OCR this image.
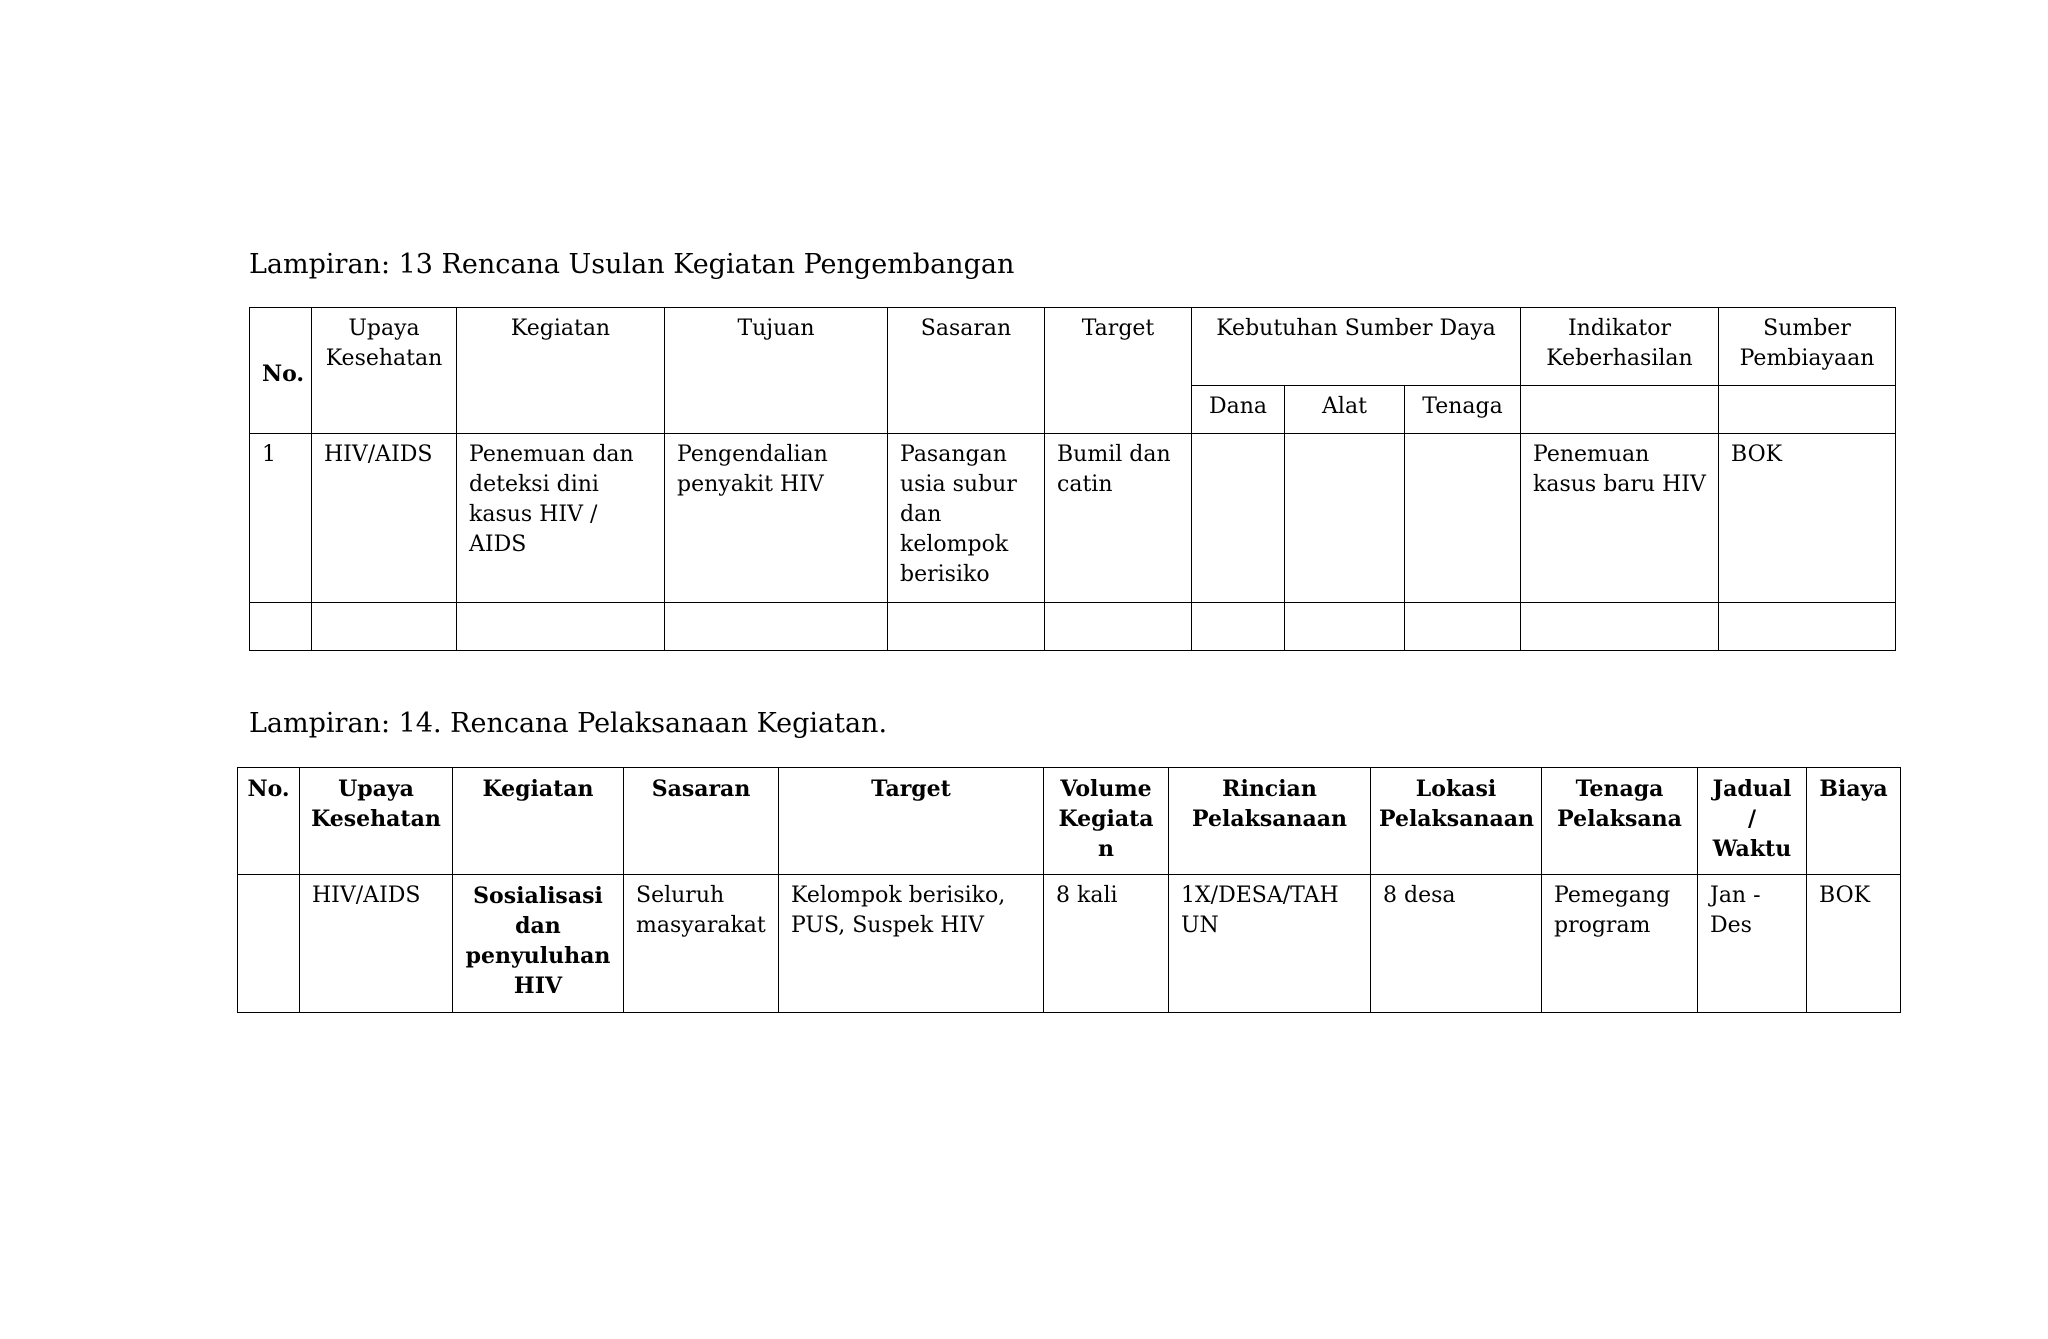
Lampiran: 13 Rencana Usulan Kegiatan Pengembangan
No.	Upaya Kesehatan	Kegiatan	Tujuan	Sasaran	Target	Kebutuhan Sumber Daya			Indikator Keberhasilan	Sumber Pembiayaan
						Dana	Alat	Tenaga		
1	HIV/AIDS	Penemuan dan deteksi dini kasus HIV / AIDS	Pengendalian penyakit HIV	Pasangan usia subur dan kelompok berisiko	Bumil dan catin				Penemuan kasus baru HIV	BOK

Lampiran: 14. Rencana Pelaksanaan Kegiatan.
No.	Upaya Kesehatan	Kegiatan	Sasaran	Target	Volume Kegiata n	Rincian Pelaksanaan	Lokasi Pelaksanaan	Tenaga Pelaksana	Jadual / Waktu	Biaya
	HIV/AIDS	Sosialisasi dan penyuluhan HIV	Seluruh masyarakat	Kelompok berisiko, PUS, Suspek HIV	8 kali	1X/DESA/TAH UN	8 desa	Pemegang program	Jan -Des	BOK
